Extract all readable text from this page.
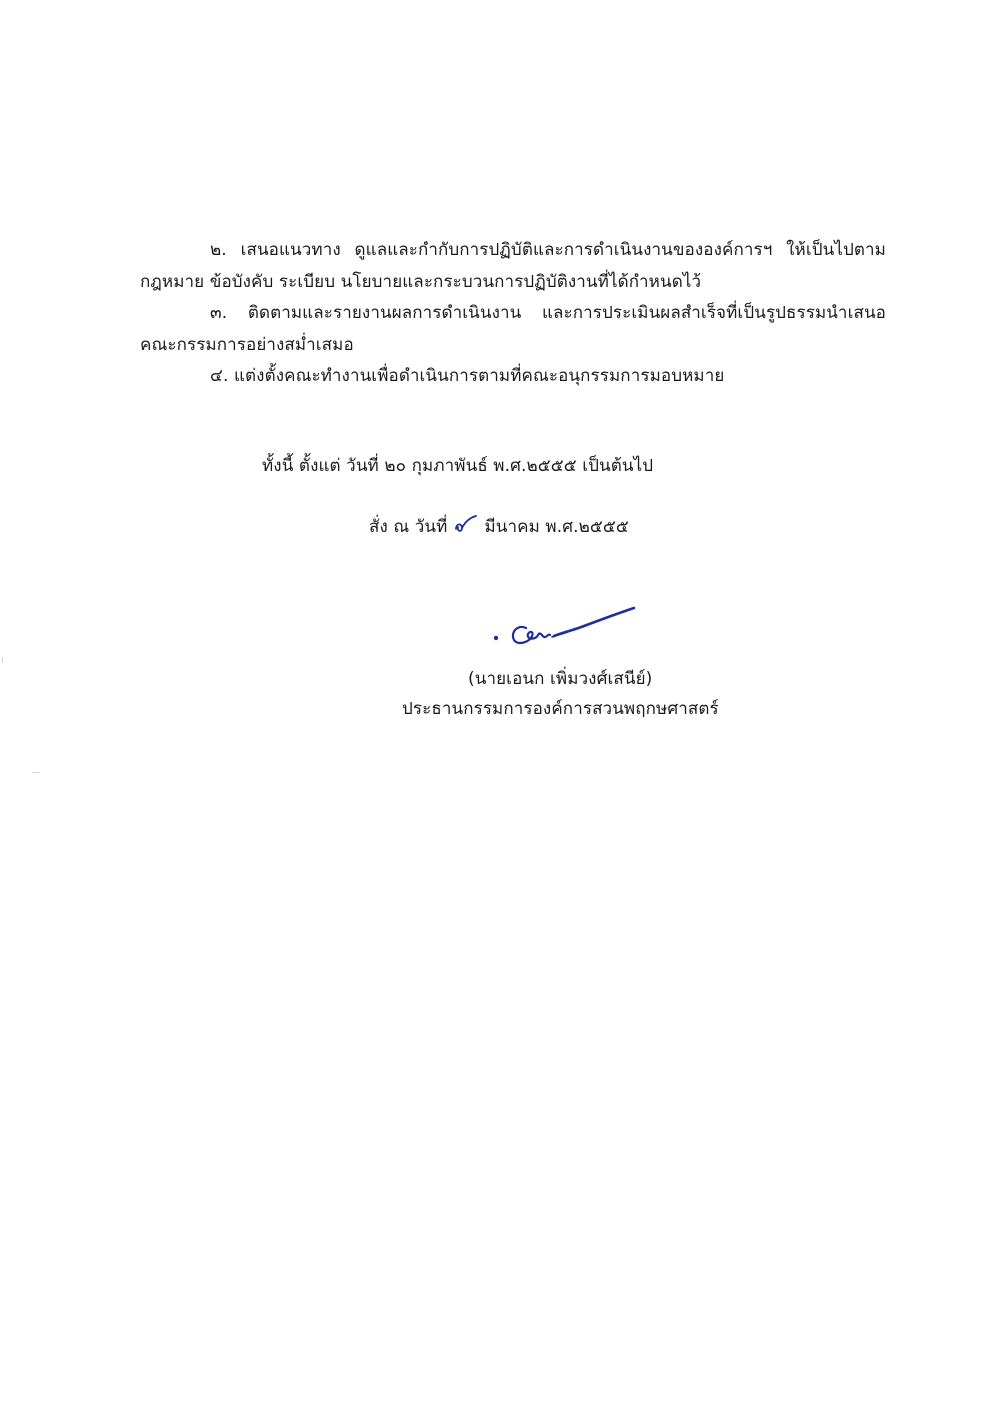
๒. เสนอแนวทาง ดูแลและกำกับการปฏิบัติและการดำเนินงานขององค์การฯ ให้เป็นไปตาม
กฎหมาย ข้อบังคับ ระเบียบ นโยบายและกระบวนการปฏิบัติงานที่ได้กำหนดไว้
๓. ติดตามและรายงานผลการดำเนินงาน และการประเมินผลสำเร็จที่เป็นรูปธรรมนำเสนอ
คณะกรรมการอย่างสม่ำเสมอ
๔. แต่งตั้งคณะทำงานเพื่อดำเนินการตามที่คณะอนุกรรมการมอบหมาย
ทั้งนี้ ตั้งแต่ วันที่ ๒๐ กุมภาพันธ์ พ.ศ.๒๕๕๕ เป็นต้นไป
สั่ง ณ วันที่ มีนาคม พ.ศ.๒๕๕๕
(นายเอนก เพิ่มวงศ์เสนีย์)
ประธานกรรมการองค์การสวนพฤกษศาสตร์
